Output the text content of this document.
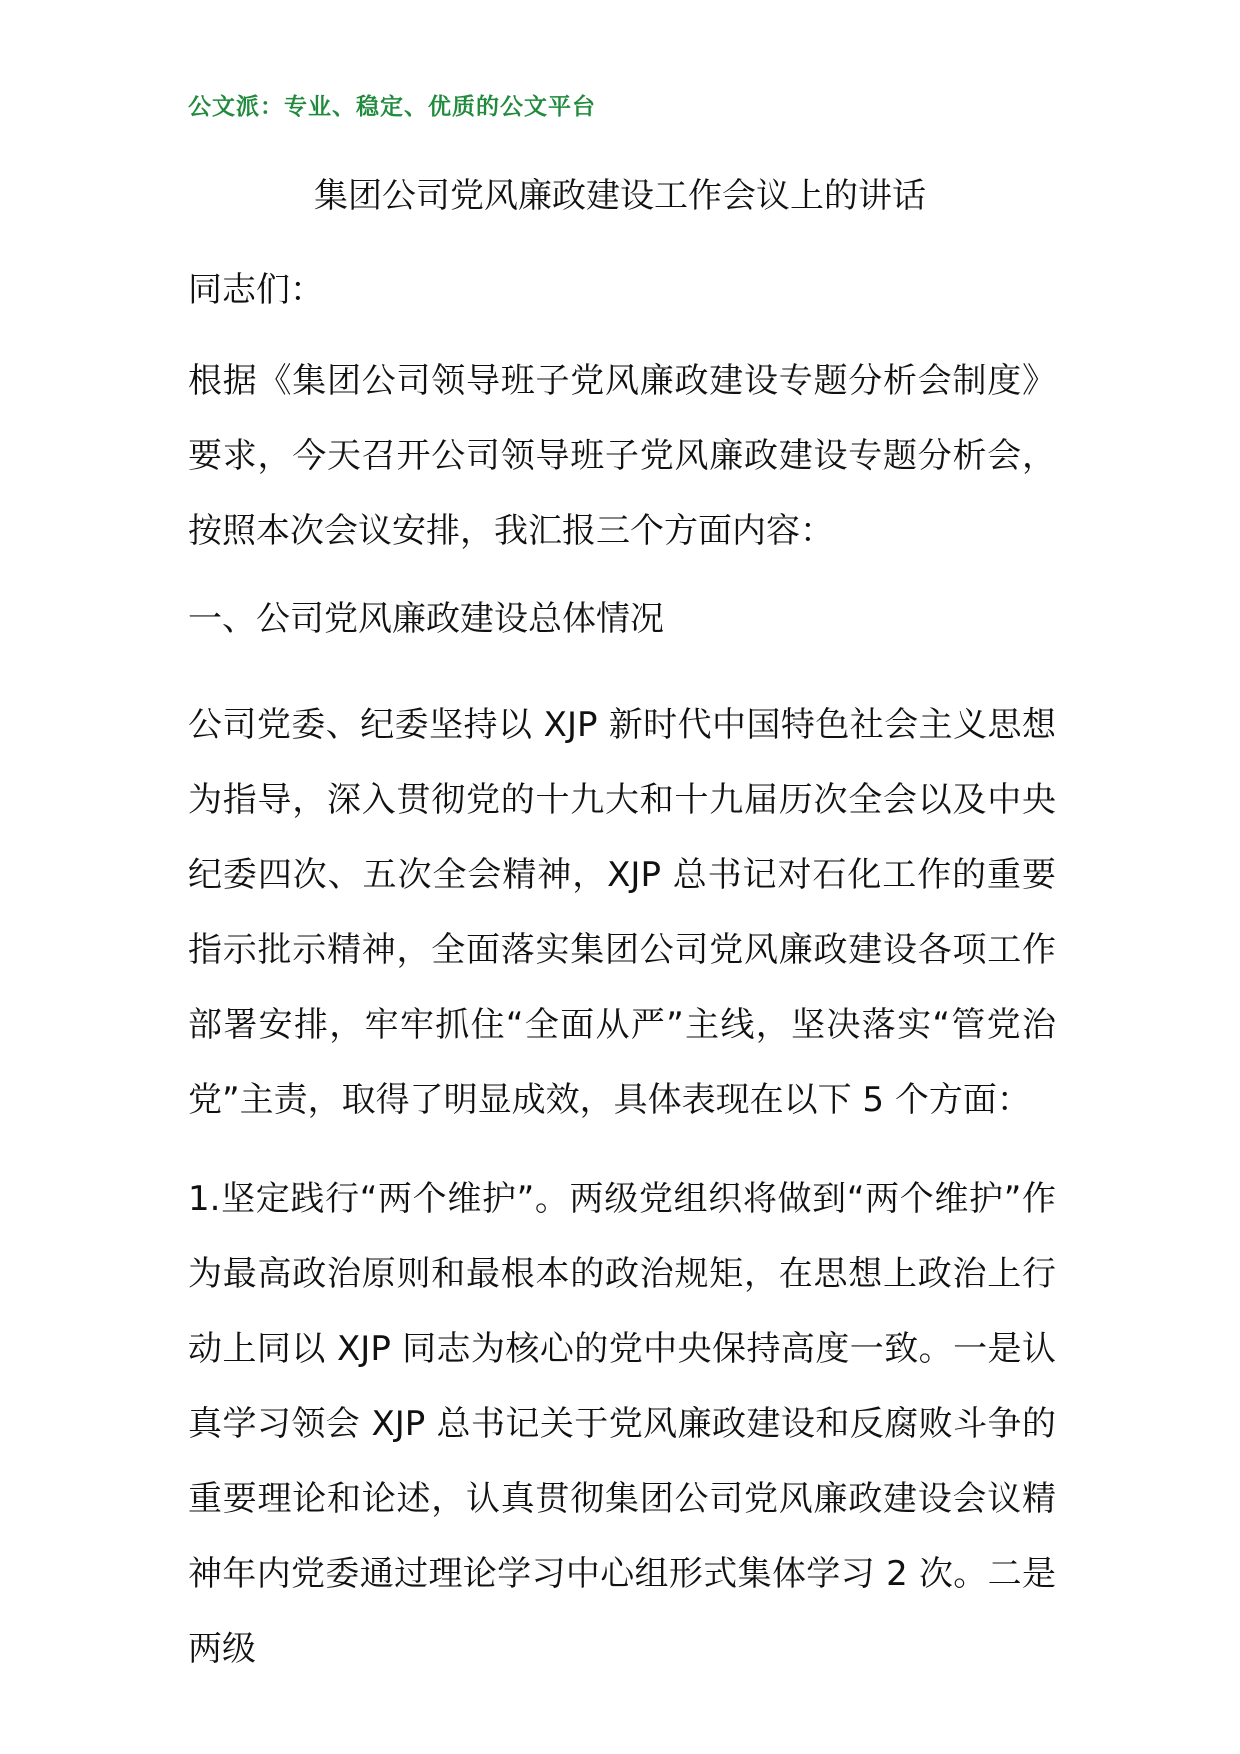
公文派：专业、稳定、优质的公文平台
集团公司党风廉政建设工作会议上的讲话
同志们：
根据《集团公司领导班子党风廉政建设专题分析会制度》要求，今天召开公司领导班子党风廉政建设专题分析会，按照本次会议安排，我汇报三个方面内容：
一、公司党风廉政建设总体情况
公司党委、纪委坚持以 XJP 新时代中国特色社会主义思想为指导，深入贯彻党的十九大和十九届历次全会以及中央纪委四次、五次全会精神，XJP 总书记对石化工作的重要指示批示精神，全面落实集团公司党风廉政建设各项工作部署安排，牢牢抓住“全面从严”主线，坚决落实“管党治党”主责，取得了明显成效，具体表现在以下 5 个方面：
1.坚定践行“两个维护”。两级党组织将做到“两个维护”作为最高政治原则和最根本的政治规矩，在思想上政治上行动上同以 XJP 同志为核心的党中央保持高度一致。一是认真学习领会 XJP 总书记关于党风廉政建设和反腐败斗争的重要理论和论述，认真贯彻集团公司党风廉政建设会议精神年内党委通过理论学习中心组形式集体学习 2 次。二是两级
